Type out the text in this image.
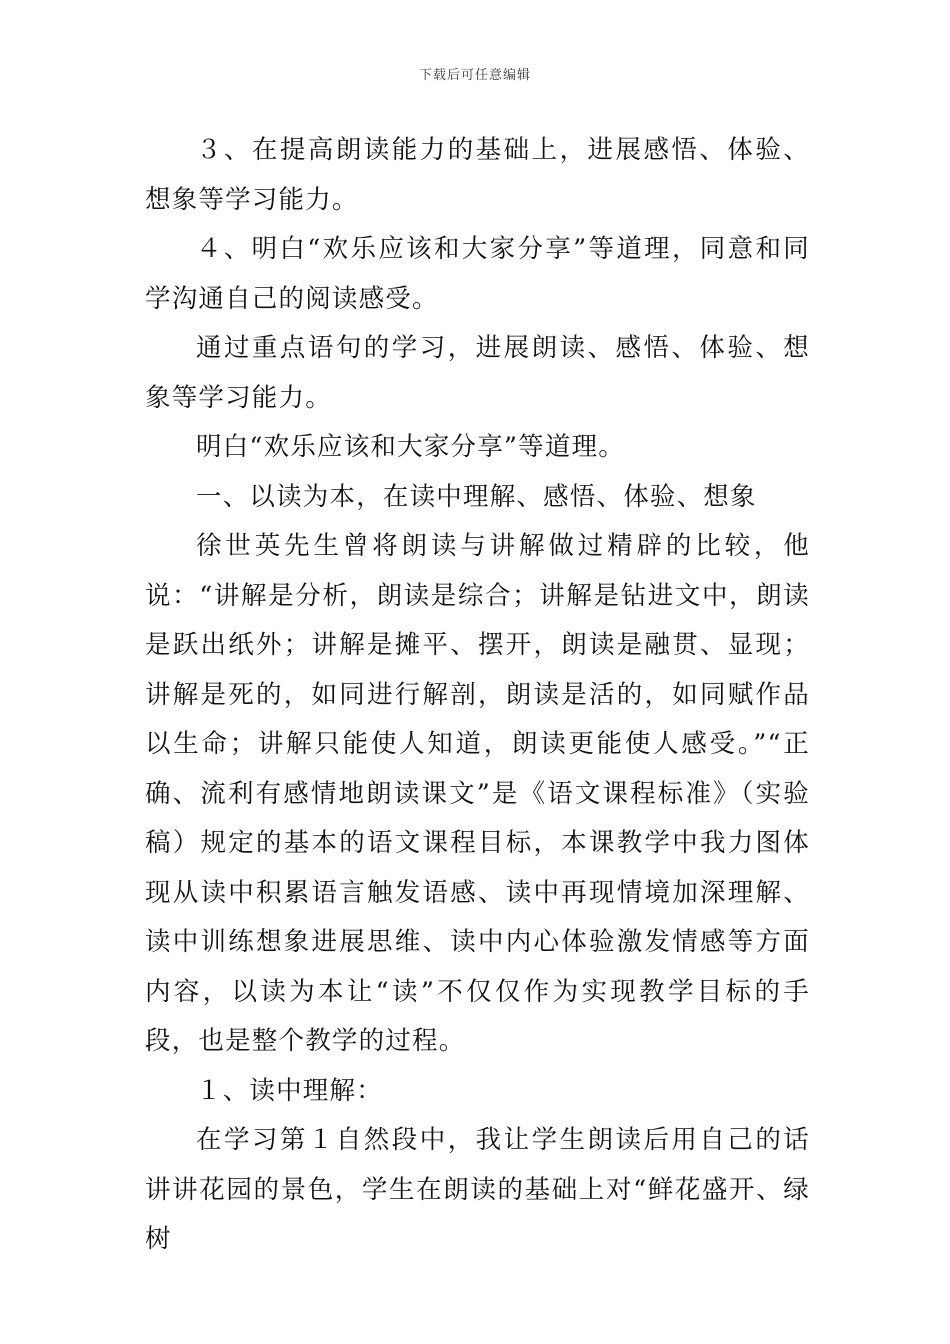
下载后可任意编辑

３、在提高朗读能力的基础上，进展感悟、体验、想象等学习能力。

４、明白“欢乐应该和大家分享”等道理，同意和同学沟通自己的阅读感受。

通过重点语句的学习，进展朗读、感悟、体验、想象等学习能力。

明白“欢乐应该和大家分享”等道理。

一、以读为本，在读中理解、感悟、体验、想象

徐世英先生曾将朗读与讲解做过精辟的比较，他说：“讲解是分析，朗读是综合；讲解是钻进文中，朗读是跃出纸外；讲解是摊平、摆开，朗读是融贯、显现；讲解是死的，如同进行解剖，朗读是活的，如同赋作品以生命；讲解只能使人知道，朗读更能使人感受。”“正确、流利有感情地朗读课文”是《语文课程标准》（实验稿）规定的基本的语文课程目标，本课教学中我力图体现从读中积累语言触发语感、读中再现情境加深理解、读中训练想象进展思维、读中内心体验激发情感等方面内容，以读为本让“读”不仅仅作为实现教学目标的手段，也是整个教学的过程。

１、读中理解：

在学习第１自然段中，我让学生朗读后用自己的话讲讲花园的景色，学生在朗读的基础上对“鲜花盛开、绿树
